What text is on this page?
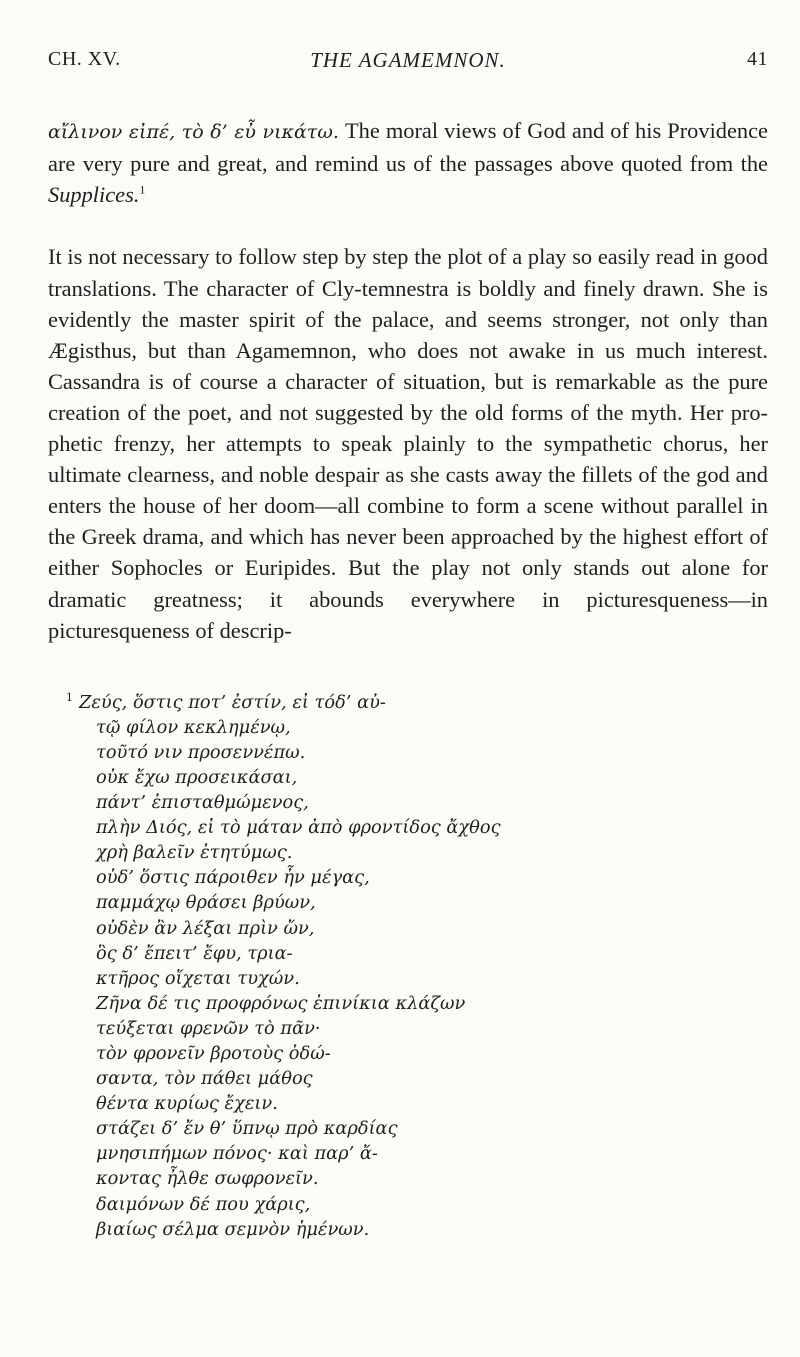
CH. XV.	THE AGAMEMNON.	41

αἴλινον εἰπέ, τὸ δ’ εὖ νικάτω. The moral views of God and of his Providence are very pure and great, and remind us of the passages above quoted from the Supplices.$^1$

It is not necessary to follow step by step the plot of a play so easily read in good translations. The character of Cly-temnestra is boldly and finely drawn. She is evidently the master spirit of the palace, and seems stronger, not only than Ægisthus, but than Agamemnon, who does not awake in us much interest. Cassandra is of course a character of situation, but is remarkable as the pure creation of the poet, and not suggested by the old forms of the myth. Her pro-phetic frenzy, her attempts to speak plainly to the sympathetic chorus, her ultimate clearness, and noble despair as she casts away the fillets of the god and enters the house of her doom—all combine to form a scene without parallel in the Greek drama, and which has never been approached by the highest effort of either Sophocles or Euripides. But the play not only stands out alone for dramatic greatness; it abounds everywhere in picturesqueness—in picturesqueness of descrip-

$^1$ Ζεύς, ὅστις ποτ’ ἐστίν, εἰ τόδ’ αὐ-
τῷ φίλον κεκλημένῳ,
τοῦτό νιν προσεννέπω.
οὐκ ἔχω προσεικάσαι,
πάντ’ ἐπισταθμώμενος,
πλὴν Διός, εἰ τὸ μάταν ἀπὸ φροντίδος ἄχθος
χρὴ βαλεῖν ἐτητύμως.
οὐδ’ ὅστις πάροιθεν ἦν μέγας,
παμμάχῳ θράσει βρύων,
οὐδὲν ἂν λέξαι πρὶν ὤν,
ὃς δ’ ἔπειτ’ ἔφυ, τρια-
κτῆρος οἴχεται τυχών.
Ζῆνα δέ τις προφρόνως ἐπινίκια κλάζων
τεύξεται φρενῶν τὸ πᾶν·
τὸν φρονεῖν βροτοὺς ὁδώ-
σαντα, τὸν πάθει μάθος
θέντα κυρίως ἔχειν.
στάζει δ’ ἔν θ’ ὕπνῳ πρὸ καρδίας
μνησιπήμων πόνος· καὶ παρ’ ἄ-
κοντας ἦλθε σωφρονεῖν.
δαιμόνων δέ που χάρις,
βιαίως σέλμα σεμνὸν ἡμένων.
